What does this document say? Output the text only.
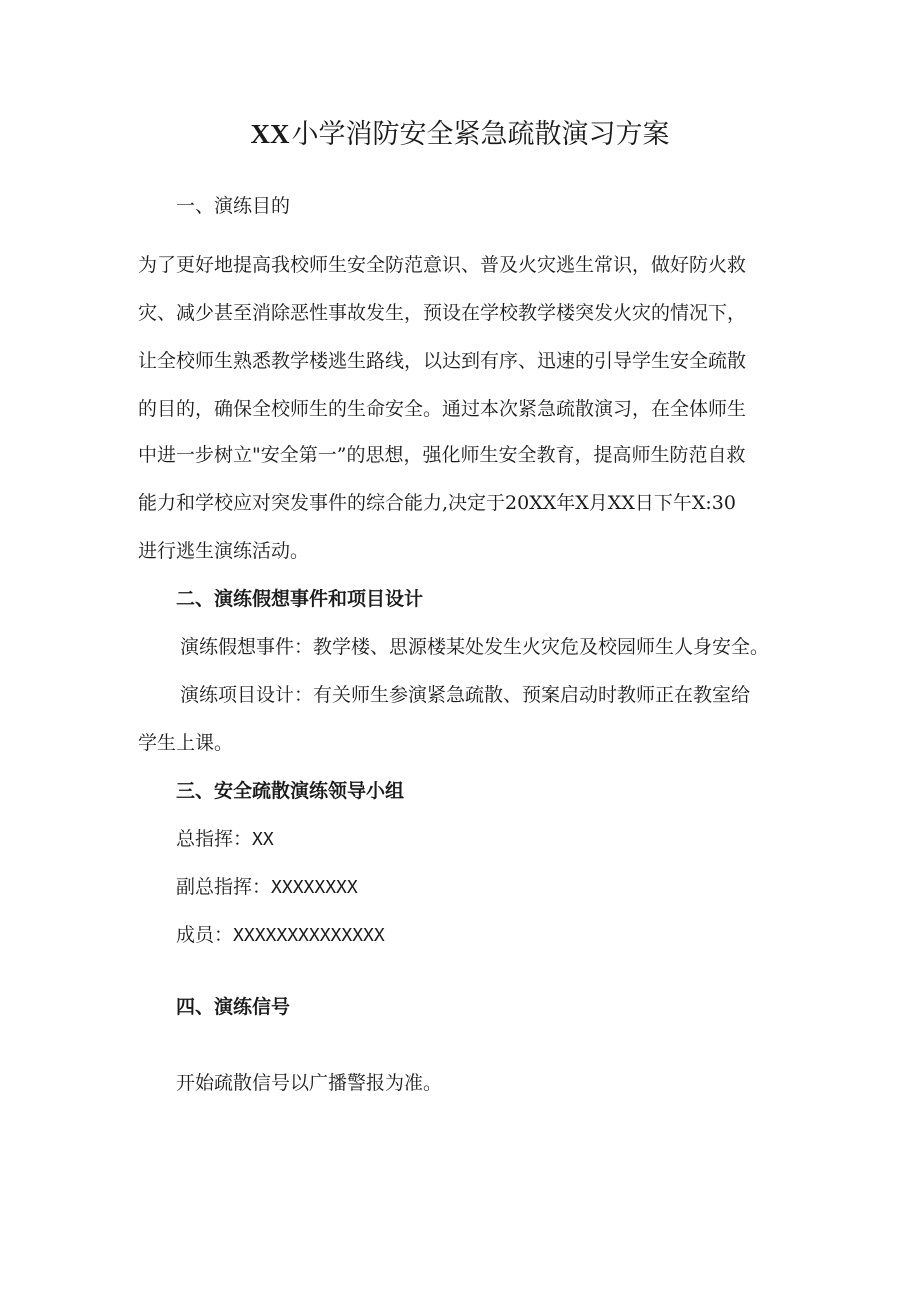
XX小学消防安全紧急疏散演习方案

一、演练目的

为了更好地提高我校师生安全防范意识、普及火灾逃生常识，做好防火救

灾、减少甚至消除恶性事故发生，预设在学校教学楼突发火灾的情况下，

让全校师生熟悉教学楼逃生路线，以达到有序、迅速的引导学生安全疏散

的目的，确保全校师生的生命安全。通过本次紧急疏散演习，在全体师生

中进一步树立"安全第一”的思想，强化师生安全教育，提高师生防范自救

能力和学校应对突发事件的综合能力,决定于20XX年X月XX日下午X:30

进行逃生演练活动。

二、演练假想事件和项目设计

演练假想事件：教学楼、思源楼某处发生火灾危及校园师生人身安全。

演练项目设计：有关师生参演紧急疏散、预案启动时教师正在教室给

学生上课。

三、安全疏散演练领导小组

总指挥：XX

副总指挥：XXXXXXXX

成员：XXXXXXXXXXXXXX

四、演练信号

开始疏散信号以广播警报为准。
